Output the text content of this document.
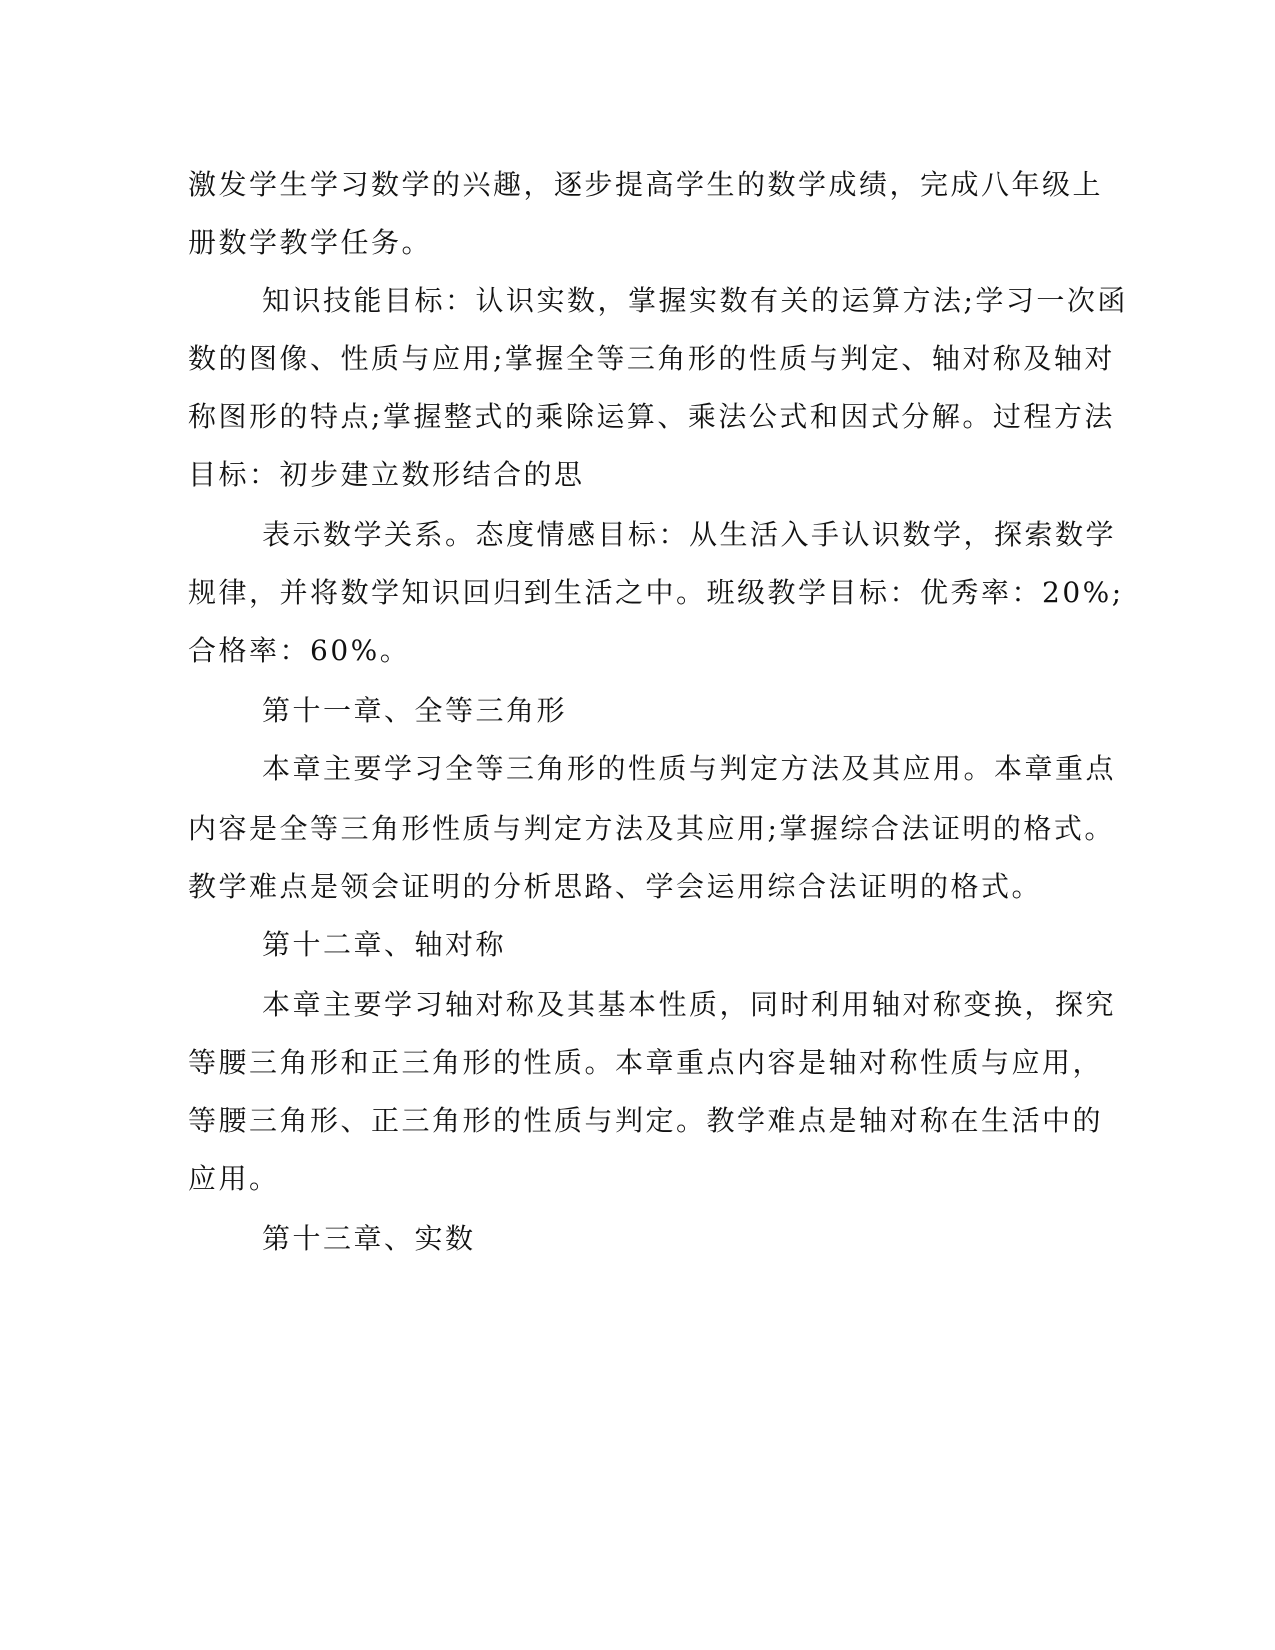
激发学生学习数学的兴趣，逐步提高学生的数学成绩，完成八年级上
册数学教学任务。
知识技能目标：认识实数，掌握实数有关的运算方法;学习一次函
数的图像、性质与应用;掌握全等三角形的性质与判定、轴对称及轴对
称图形的特点;掌握整式的乘除运算、乘法公式和因式分解。过程方法
目标：初步建立数形结合的思
表示数学关系。态度情感目标：从生活入手认识数学，探索数学
规律，并将数学知识回归到生活之中。班级教学目标：优秀率：20%;
合格率：60%。
第十一章、全等三角形
本章主要学习全等三角形的性质与判定方法及其应用。本章重点
内容是全等三角形性质与判定方法及其应用;掌握综合法证明的格式。
教学难点是领会证明的分析思路、学会运用综合法证明的格式。
第十二章、轴对称
本章主要学习轴对称及其基本性质，同时利用轴对称变换，探究
等腰三角形和正三角形的性质。本章重点内容是轴对称性质与应用，
等腰三角形、正三角形的性质与判定。教学难点是轴对称在生活中的
应用。
第十三章、实数
